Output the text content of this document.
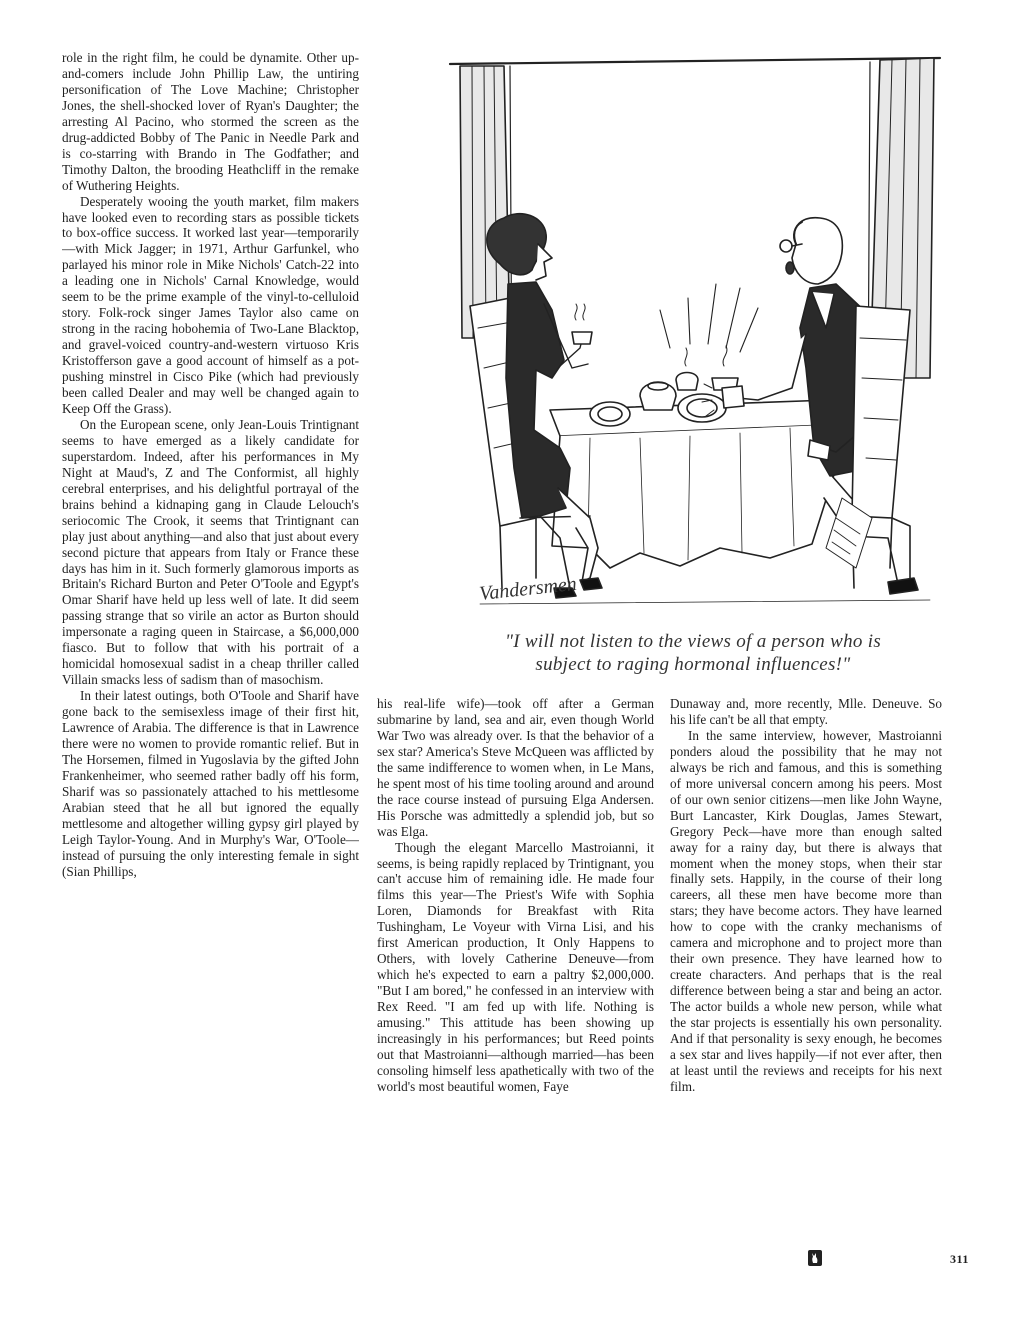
role in the right film, he could be dynamite. Other up-and-comers include John Phillip Law, the untiring personification of The Love Machine; Christopher Jones, the shell-shocked lover of Ryan's Daughter; the arresting Al Pacino, who stormed the screen as the drug-addicted Bobby of The Panic in Needle Park and is co-starring with Brando in The Godfather; and Timothy Dalton, the brooding Heathcliff in the remake of Wuthering Heights.

Desperately wooing the youth market, film makers have looked even to recording stars as possible tickets to box-office success. It worked last year—temporarily—with Mick Jagger; in 1971, Arthur Garfunkel, who parlayed his minor role in Mike Nichols' Catch-22 into a leading one in Nichols' Carnal Knowledge, would seem to be the prime example of the vinyl-to-celluloid story. Folk-rock singer James Taylor also came on strong in the racing hobohemia of Two-Lane Blacktop, and gravel-voiced country-and-western virtuoso Kris Kristofferson gave a good account of himself as a pot-pushing minstrel in Cisco Pike (which had previously been called Dealer and may well be changed again to Keep Off the Grass).

On the European scene, only Jean-Louis Trintignant seems to have emerged as a likely candidate for superstardom. Indeed, after his performances in My Night at Maud's, Z and The Conformist, all highly cerebral enterprises, and his delightful portrayal of the brains behind a kidnaping gang in Claude Lelouch's seriocomic The Crook, it seems that Trintignant can play just about anything—and also that just about every second picture that appears from Italy or France these days has him in it. Such formerly glamorous imports as Britain's Richard Burton and Peter O'Toole and Egypt's Omar Sharif have held up less well of late. It did seem passing strange that so virile an actor as Burton should impersonate a raging queen in Staircase, a $6,000,000 fiasco. But to follow that with his portrait of a homicidal homosexual sadist in a cheap thriller called Villain smacks less of sadism than of masochism.

In their latest outings, both O'Toole and Sharif have gone back to the semisexless image of their first hit, Lawrence of Arabia. The difference is that in Lawrence there were no women to provide romantic relief. But in The Horsemen, filmed in Yugoslavia by the gifted John Frankenheimer, who seemed rather badly off his form, Sharif was so passionately attached to his mettlesome Arabian steed that he all but ignored the equally mettlesome and altogether willing gypsy girl played by Leigh Taylor-Young. And in Murphy's War, O'Toole—instead of pursuing the only interesting female in sight (Sian Phillips,

Vandersmen
"I will not listen to the views of a person who is
subject to raging hormonal influences!"

his real-life wife)—took off after a German submarine by land, sea and air, even though World War Two was already over. Is that the behavior of a sex star? America's Steve McQueen was afflicted by the same indifference to women when, in Le Mans, he spent most of his time tooling around and around the race course instead of pursuing Elga Andersen. His Porsche was admittedly a splendid job, but so was Elga.

Though the elegant Marcello Mastroianni, it seems, is being rapidly replaced by Trintignant, you can't accuse him of remaining idle. He made four films this year—The Priest's Wife with Sophia Loren, Diamonds for Breakfast with Rita Tushingham, Le Voyeur with Virna Lisi, and his first American production, It Only Happens to Others, with lovely Catherine Deneuve—from which he's expected to earn a paltry $2,000,000. "But I am bored," he confessed in an interview with Rex Reed. "I am fed up with life. Nothing is amusing." This attitude has been showing up increasingly in his performances; but Reed points out that Mastroianni—although married—has been consoling himself less apathetically with two of the world's most beautiful women, Faye

Dunaway and, more recently, Mlle. Deneuve. So his life can't be all that empty.

In the same interview, however, Mastroianni ponders aloud the possibility that he may not always be rich and famous, and this is something of more universal concern among his peers. Most of our own senior citizens—men like John Wayne, Burt Lancaster, Kirk Douglas, James Stewart, Gregory Peck—have more than enough salted away for a rainy day, but there is always that moment when the money stops, when their star finally sets. Happily, in the course of their long careers, all these men have become more than stars; they have become actors. They have learned how to cope with the cranky mechanisms of camera and microphone and to project more than their own presence. They have learned how to create characters. And perhaps that is the real difference between being a star and being an actor. The actor builds a whole new person, while what the star projects is essentially his own personality. And if that personality is sexy enough, he becomes a sex star and lives happily—if not ever after, then at least until the reviews and receipts for his next film.

311
